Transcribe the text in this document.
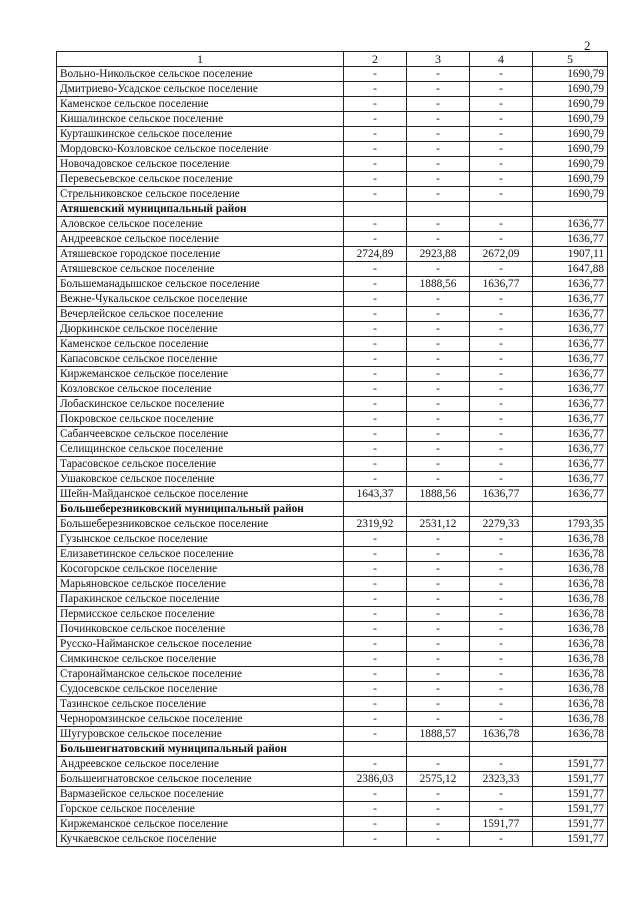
2
1	2	3	4	5
Вольно-Никольское сельское поселение	-	-	-	1690,79
Дмитриево-Усадское сельское поселение	-	-	-	1690,79
Каменское сельское поселение	-	-	-	1690,79
Кишалинское сельское поселение	-	-	-	1690,79
Курташкинское сельское поселение	-	-	-	1690,79
Мордовско-Козловское сельское поселение	-	-	-	1690,79
Новочадовское сельское поселение	-	-	-	1690,79
Перевесьевское сельское поселение	-	-	-	1690,79
Стрельниковское сельское поселение	-	-	-	1690,79
Атяшевский муниципальный район				
Аловское сельское поселение	-	-	-	1636,77
Андреевское сельское поселение	-	-	-	1636,77
Атяшевское городское поселение	2724,89	2923,88	2672,09	1907,11
Атяшевское сельское поселение	-	-	-	1647,88
Большеманадышское сельское поселение	-	1888,56	1636,77	1636,77
Вежне-Чукальское сельское поселение	-	-	-	1636,77
Вечерлейское сельское поселение	-	-	-	1636,77
Дюркинское сельское поселение	-	-	-	1636,77
Каменское сельское поселение	-	-	-	1636,77
Капасовское сельское поселение	-	-	-	1636,77
Киржеманское сельское поселение	-	-	-	1636,77
Козловское сельское поселение	-	-	-	1636,77
Лобаскинское сельское поселение	-	-	-	1636,77
Покровское сельское поселение	-	-	-	1636,77
Сабанчеевское сельское поселение	-	-	-	1636,77
Селищинское сельское поселение	-	-	-	1636,77
Тарасовское сельское поселение	-	-	-	1636,77
Ушаковское сельское поселение	-	-	-	1636,77
Шейн-Майданское сельское поселение	1643,37	1888,56	1636,77	1636,77
Большеберезниковский муниципальный район				
Большеберезниковское сельское поселение	2319,92	2531,12	2279,33	1793,35
Гузынское сельское поселение	-	-	-	1636,78
Елизаветинское сельское поселение	-	-	-	1636,78
Косогорское сельское поселение	-	-	-	1636,78
Марьяновское сельское поселение	-	-	-	1636,78
Паракинское сельское поселение	-	-	-	1636,78
Пермисское сельское поселение	-	-	-	1636,78
Починковское сельское поселение	-	-	-	1636,78
Русско-Найманское сельское поселение	-	-	-	1636,78
Симкинское сельское поселение	-	-	-	1636,78
Старонайманское сельское поселение	-	-	-	1636,78
Судосевское сельское поселение	-	-	-	1636,78
Тазинское сельское поселение	-	-	-	1636,78
Черноромзинское сельское поселение	-	-	-	1636,78
Шугуровское сельское поселение	-	1888,57	1636,78	1636,78
Большеигнатовский муниципальный район				
Андреевское сельское поселение	-	-	-	1591,77
Большеигнатовское сельское поселение	2386,03	2575,12	2323,33	1591,77
Вармазейское сельское поселение	-	-	-	1591,77
Горское сельское поселение	-	-	-	1591,77
Киржеманское сельское поселение	-	-	1591,77	1591,77
Кучкаевское сельское поселение	-	-	-	1591,77
